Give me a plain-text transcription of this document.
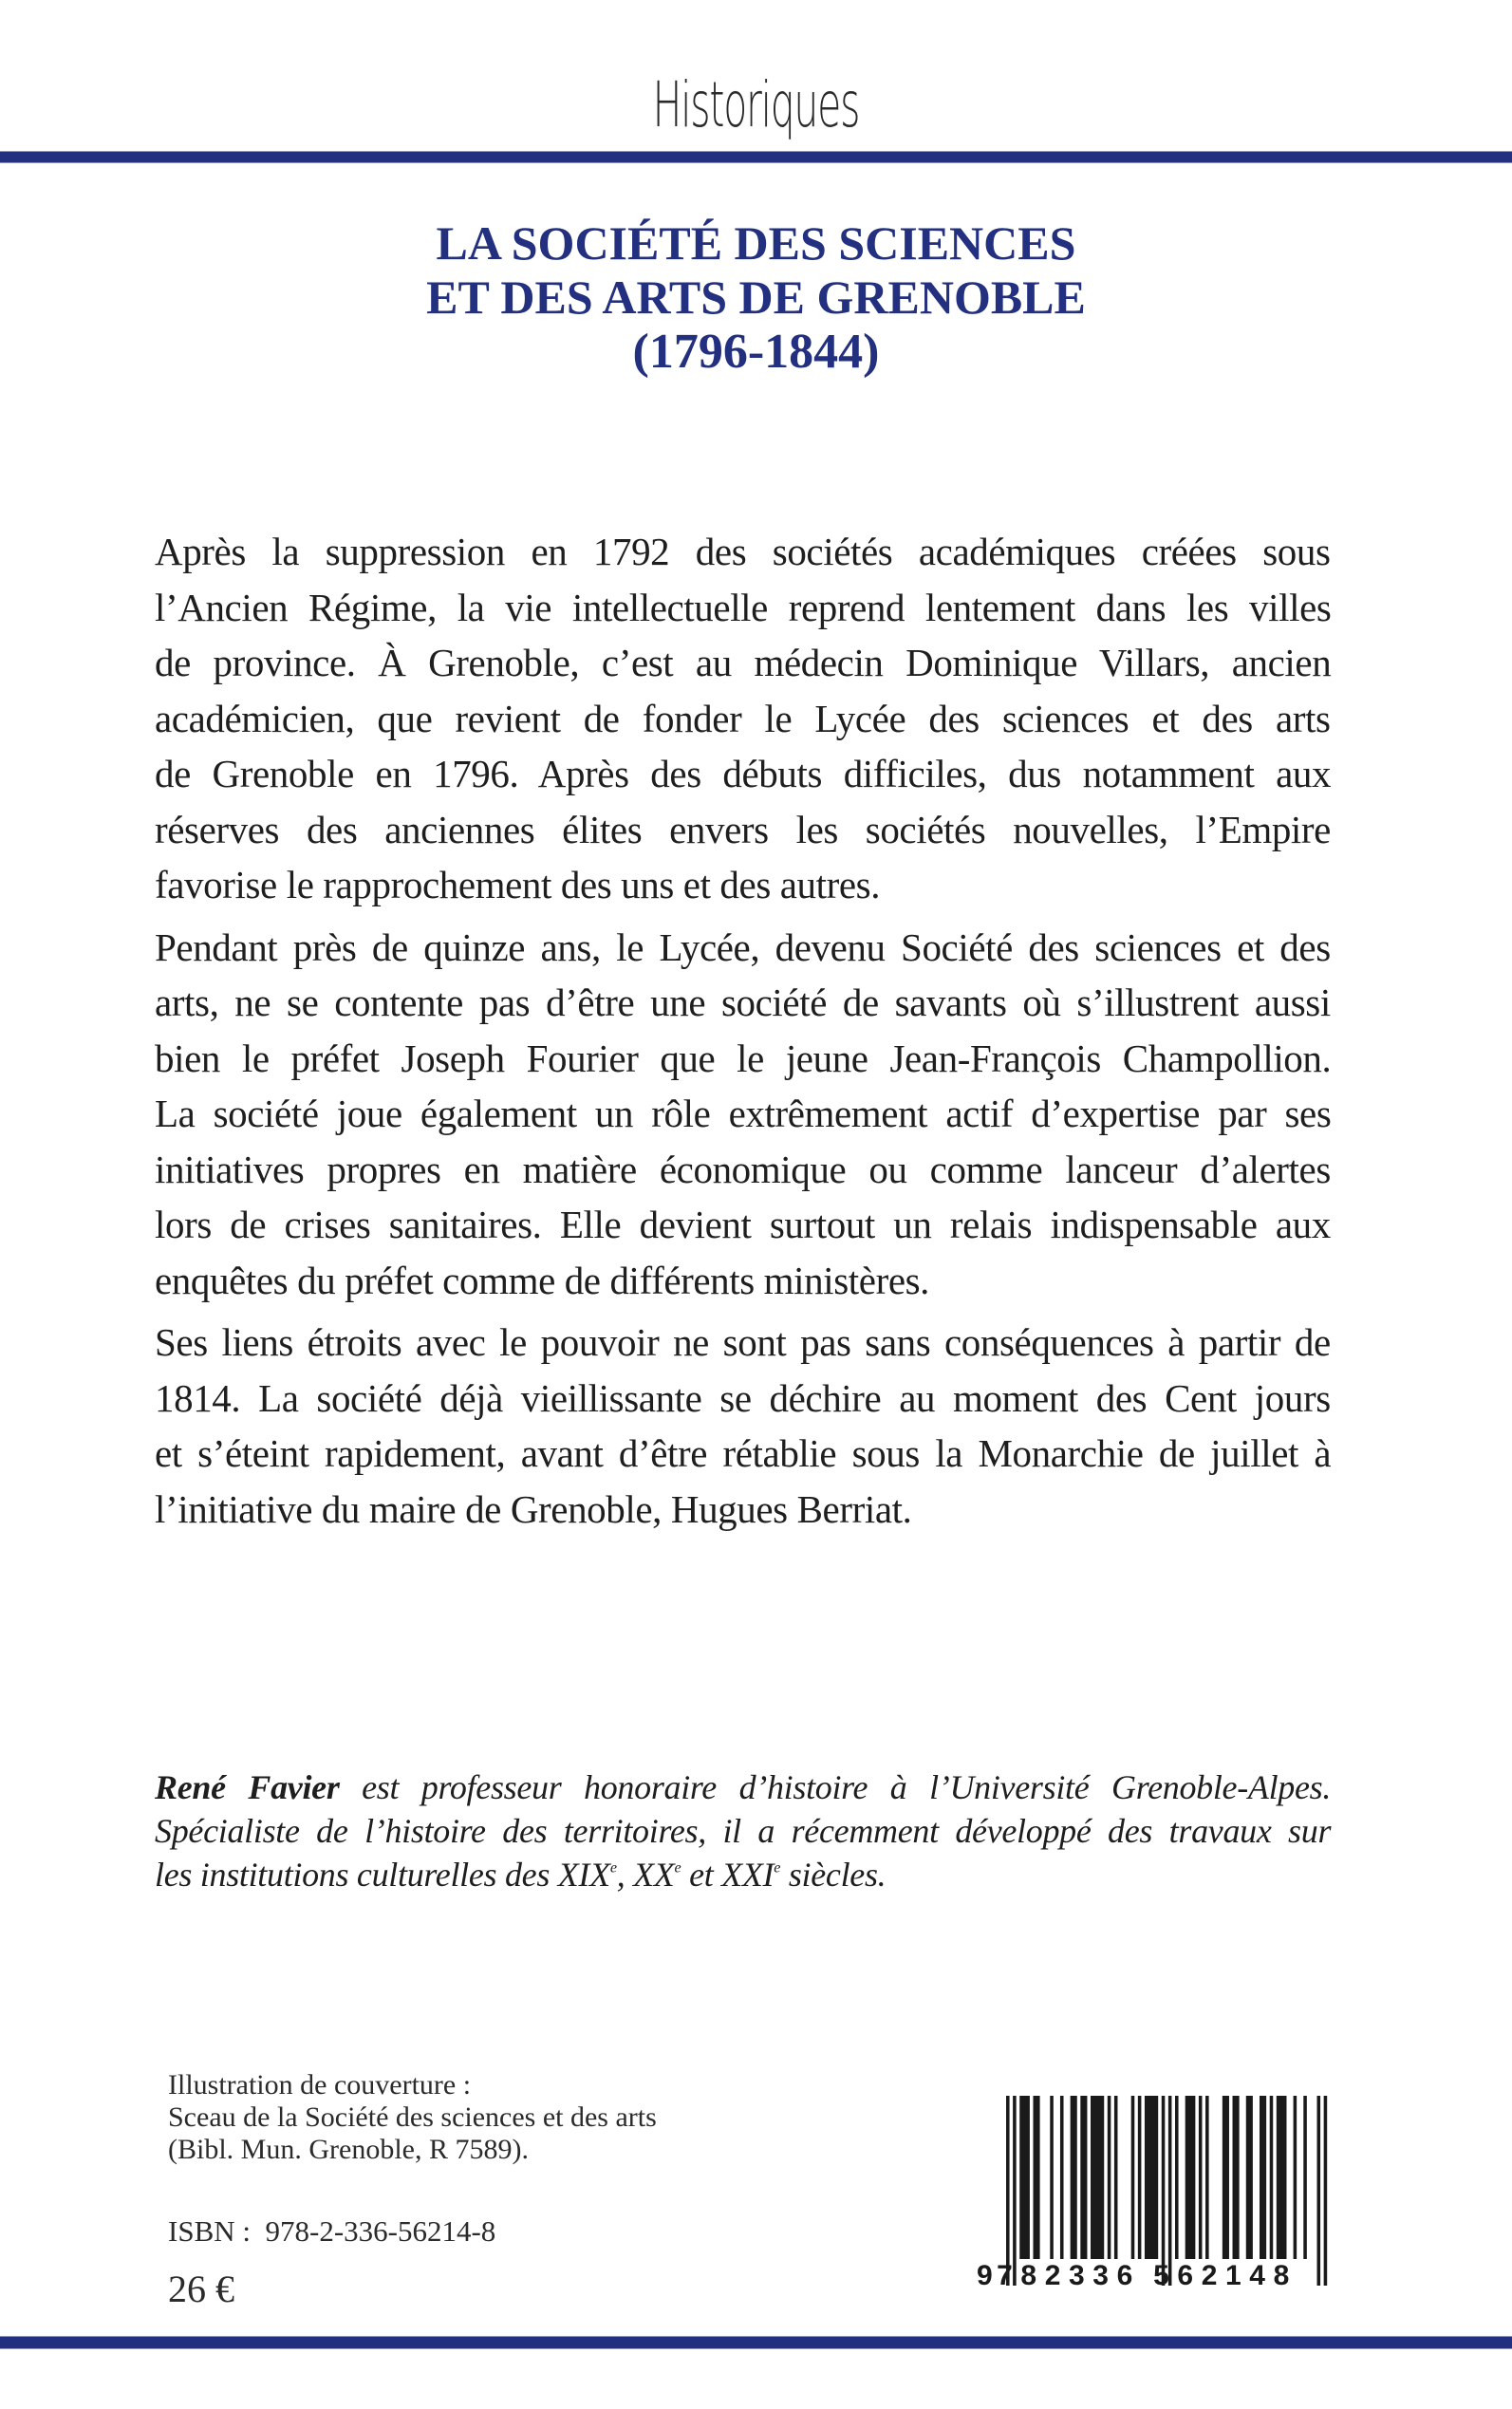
Historiques
LA SOCIÉTÉ DES SCIENCES
ET DES ARTS DE GRENOBLE
(1796-1844)
Après la suppression en 1792 des sociétés académiques créées sous
l’Ancien Régime, la vie intellectuelle reprend lentement dans les villes
de province. À Grenoble, c’est au médecin Dominique Villars, ancien
académicien, que revient de fonder le Lycée des sciences et des arts
de Grenoble en 1796. Après des débuts difficiles, dus notamment aux
réserves des anciennes élites envers les sociétés nouvelles, l’Empire
favorise le rapprochement des uns et des autres.
Pendant près de quinze ans, le Lycée, devenu Société des sciences et des
arts, ne se contente pas d’être une société de savants où s’illustrent aussi
bien le préfet Joseph Fourier que le jeune Jean-François Champollion.
La société joue également un rôle extrêmement actif d’expertise par ses
initiatives propres en matière économique ou comme lanceur d’alertes
lors de crises sanitaires. Elle devient surtout un relais indispensable aux
enquêtes du préfet comme de différents ministères.
Ses liens étroits avec le pouvoir ne sont pas sans conséquences à partir de
1814. La société déjà vieillissante se déchire au moment des Cent jours
et s’éteint rapidement, avant d’être rétablie sous la Monarchie de juillet à
l’initiative du maire de Grenoble, Hugues Berriat.
René Favier est professeur honoraire d’histoire à l’Université Grenoble-Alpes.
Spécialiste de l’histoire des territoires, il a récemment développé des travaux sur
les institutions culturelles des XIXe, XXe et XXIe siècles.
Illustration de couverture :
Sceau de la Société des sciences et des arts
(Bibl. Mun. Grenoble, R 7589).
ISBN :  978-2-336-56214-8
26 €	9 782336 562148
